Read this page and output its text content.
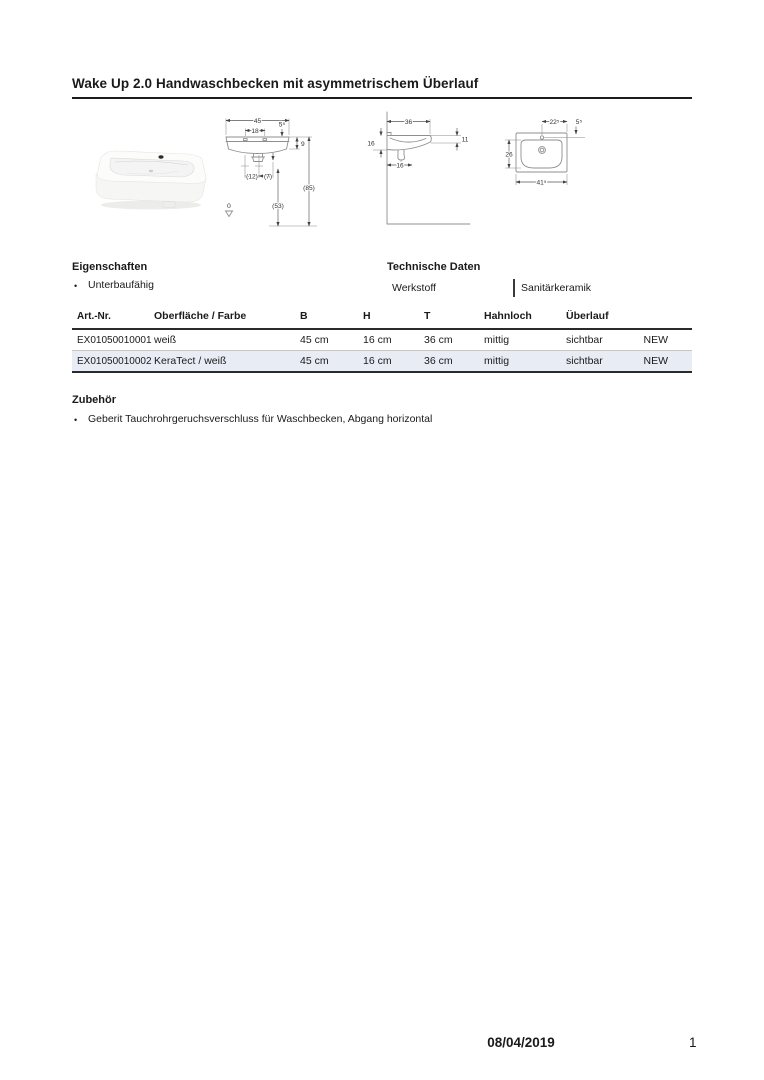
Wake Up 2.0 Handwaschbecken mit asymmetrischem Überlauf
45
18
5⁵
9
(12) (7)
(53)
(85)
0
36
16
11
16
22⁵ 5⁵
26
41⁵
Eigenschaften
•	Unterbaufähig
Technische Daten
Werkstoff	Sanitärkeramik
Art.-Nr.	Oberfläche / Farbe	B	H	T	Hahnloch	Überlauf	
EX01050010001	weiß	45 cm	16 cm	36 cm	mittig	sichtbar	NEW
EX01050010002	KeraTect / weiß	45 cm	16 cm	36 cm	mittig	sichtbar	NEW
Zubehör
•	Geberit Tauchrohrgeruchsverschluss für Waschbecken, Abgang horizontal
08/04/2019	1
